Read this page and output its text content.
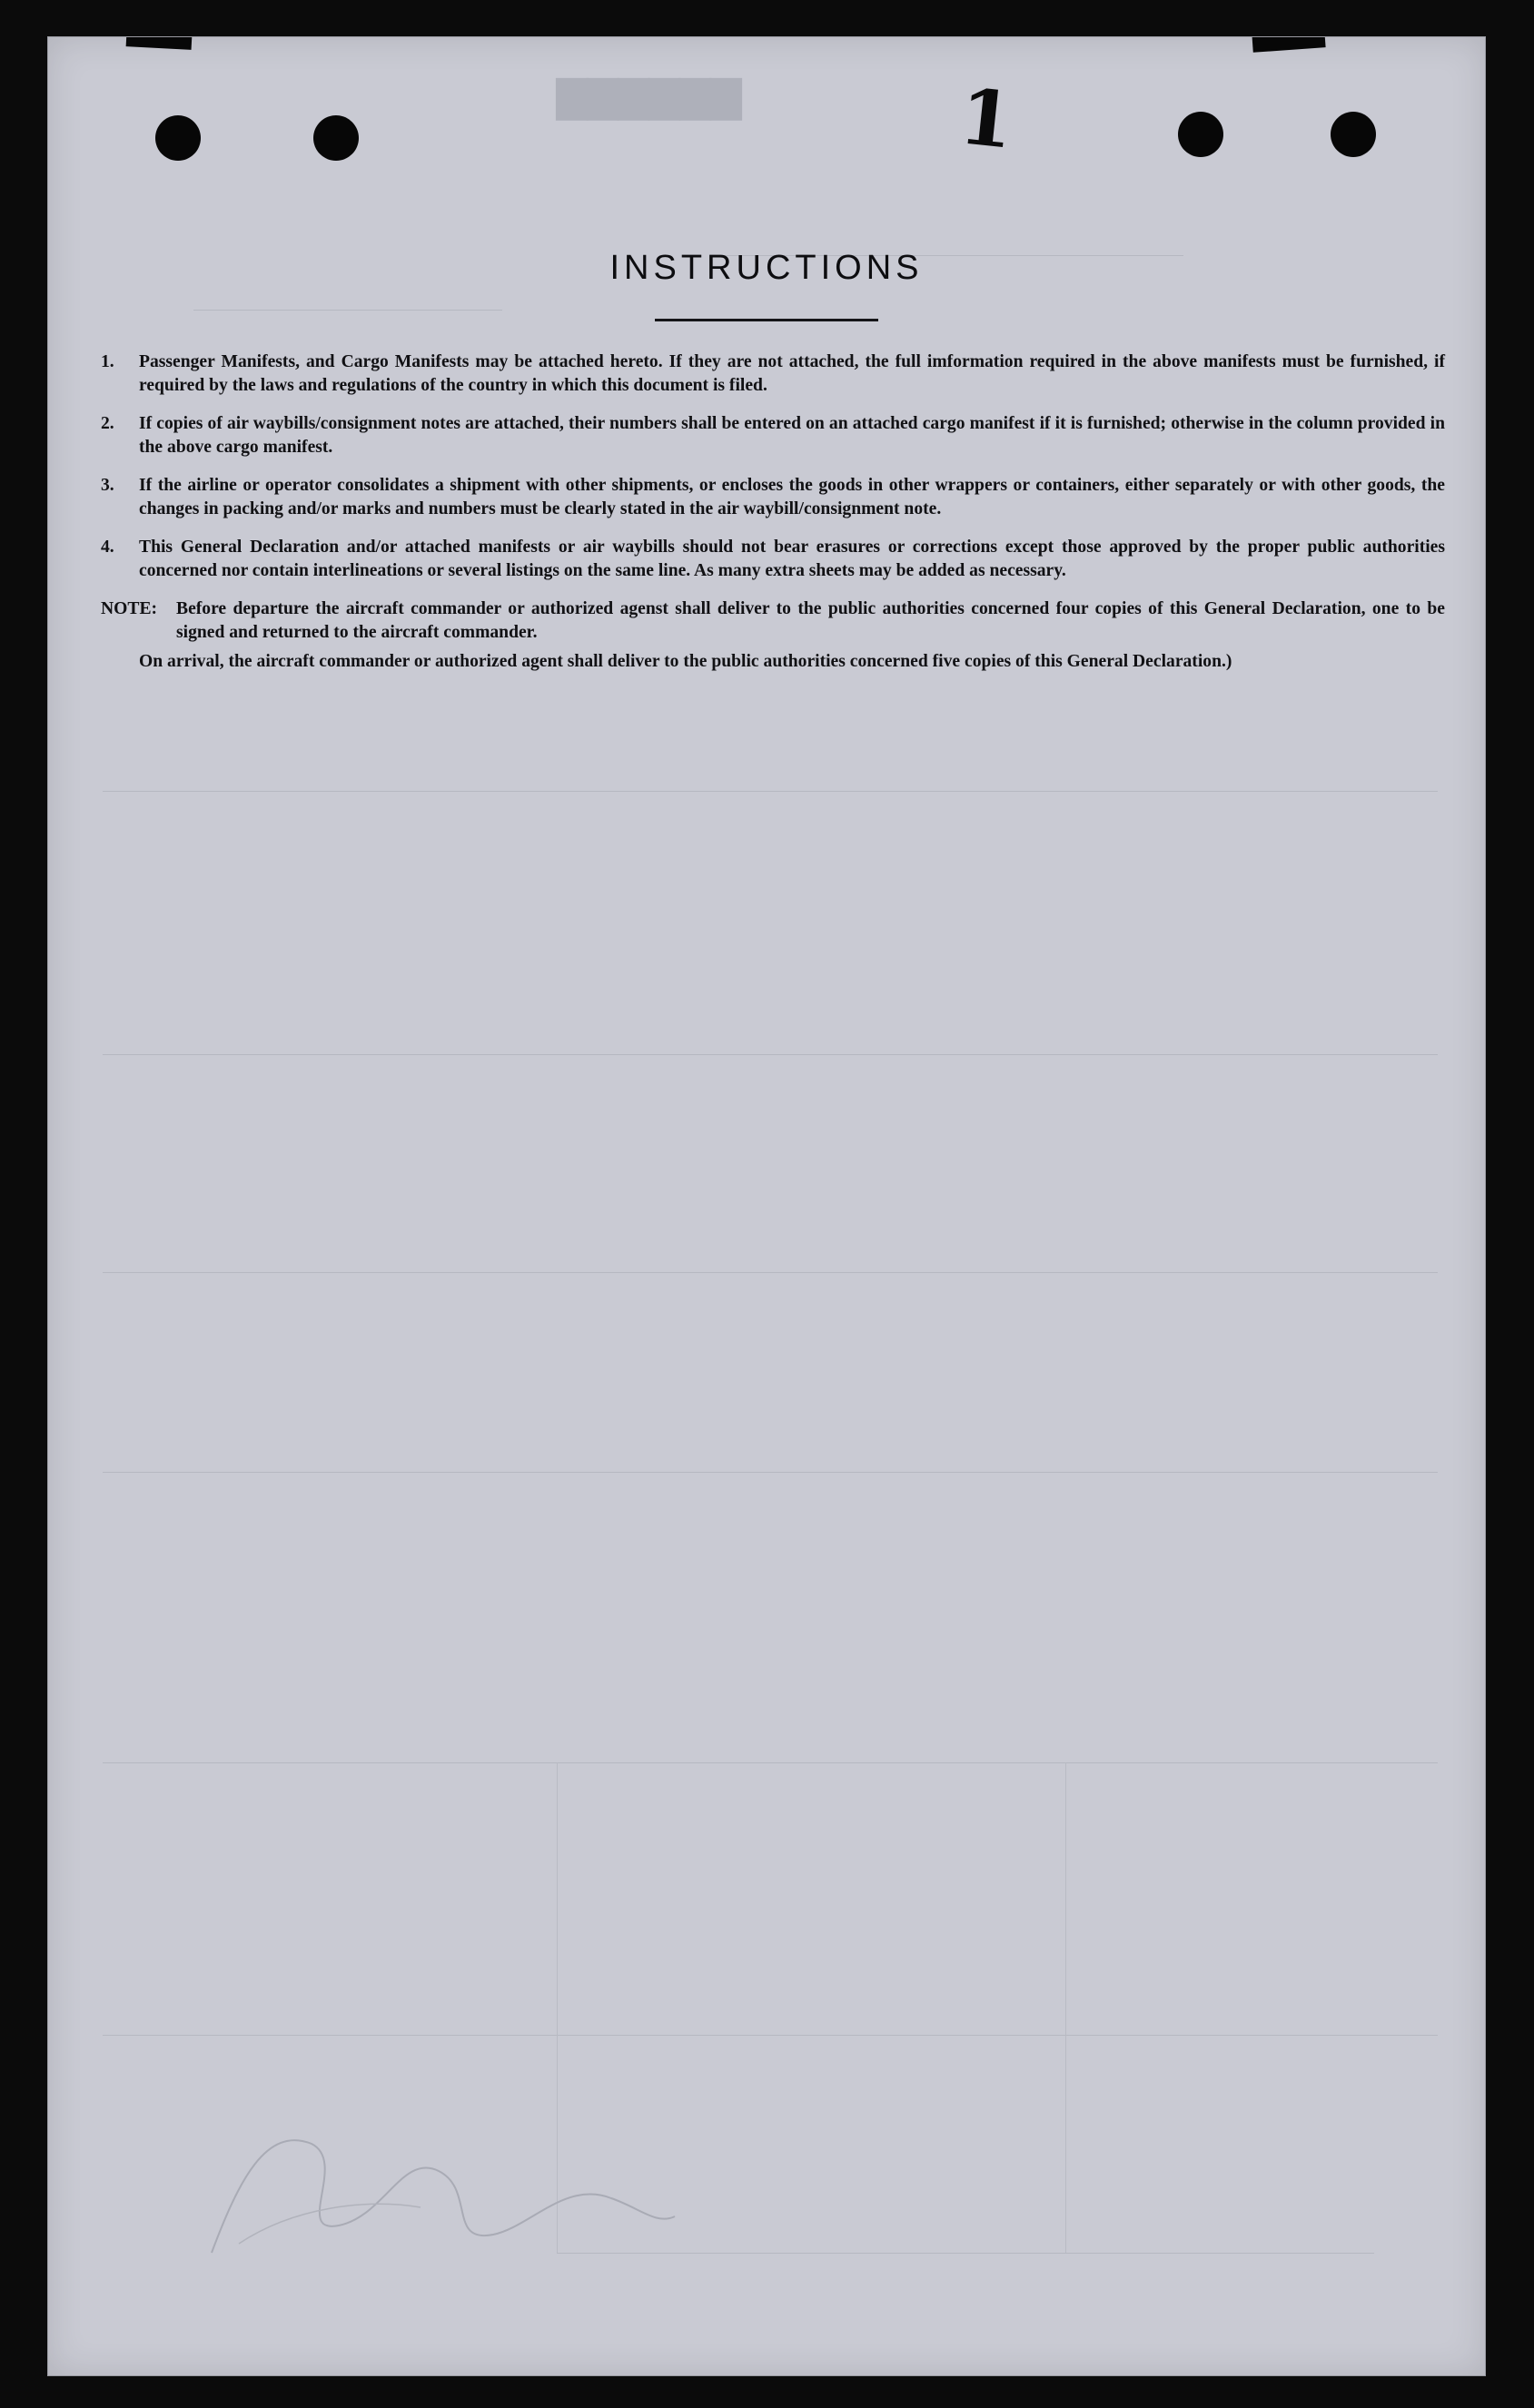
▇▇▇▇▇▇	1
INSTRUCTIONS
1.	Passenger Manifests, and Cargo Manifests may be attached hereto. If they are not attached, the full imformation required in the above manifests must be furnished, if required by the laws and regulations of the country in which this document is filed.
2.	If copies of air waybills/consignment notes are attached, their numbers shall be entered on an attached cargo manifest if it is furnished; otherwise in the column provided in the above cargo manifest.
3.	If the airline or operator consolidates a shipment with other shipments, or encloses the goods in other wrappers or containers, either separately or with other goods, the changes in packing and/or marks and numbers must be clearly stated in the air waybill/consignment note.
4.	This General Declaration and/or attached manifests or air waybills should not bear erasures or corrections except those approved by the proper public authorities concerned nor contain interlineations or several listings on the same line. As many extra sheets may be added as necessary.
NOTE:	Before departure the aircraft commander or authorized agenst shall deliver to the public authorities concerned four copies of this General Declaration, one to be signed and returned to the aircraft commander.
On arrival, the aircraft commander or authorized agent shall deliver to the public authorities concerned five copies of this General Declaration.)
